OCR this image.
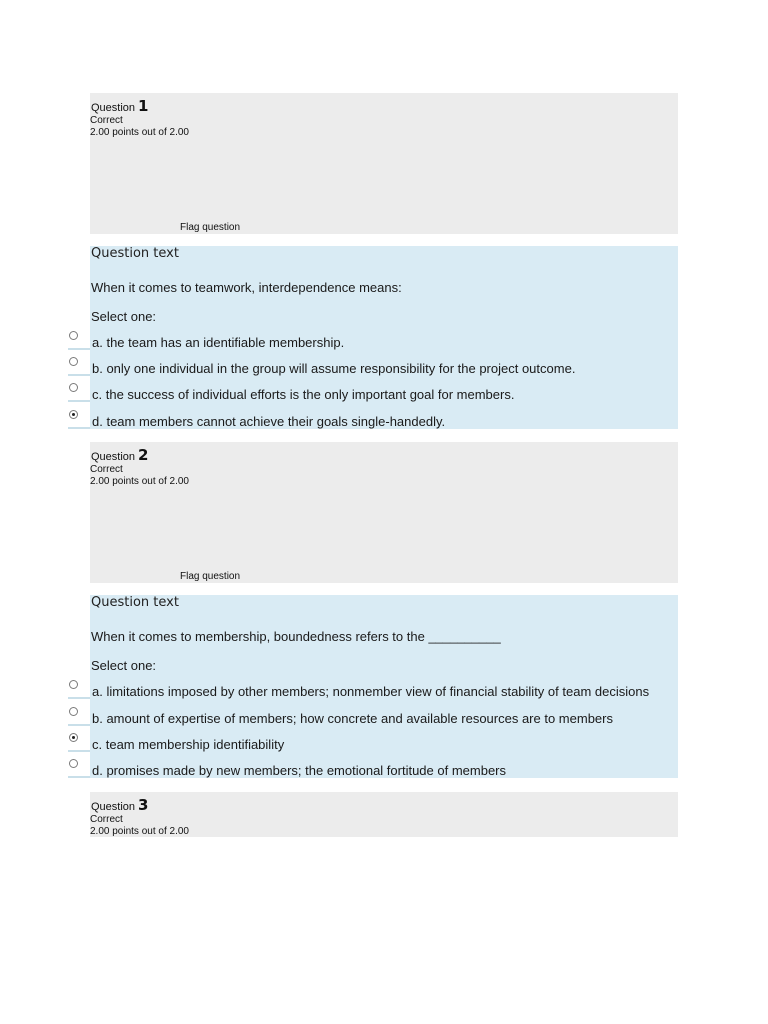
Question 1
Correct
2.00 points out of 2.00
Flag question
Question text
When it comes to teamwork, interdependence means:
Select one:
a. the team has an identifiable membership.
b. only one individual in the group will assume responsibility for the project outcome.
c. the success of individual efforts is the only important goal for members.
d. team members cannot achieve their goals single-handedly.
Question 2
Correct
2.00 points out of 2.00
Flag question
Question text
When it comes to membership, boundedness refers to the __________
Select one:
a. limitations imposed by other members; nonmember view of financial stability of team decisions
b. amount of expertise of members; how concrete and available resources are to members
c. team membership identifiability
d. promises made by new members; the emotional fortitude of members
Question 3
Correct
2.00 points out of 2.00
